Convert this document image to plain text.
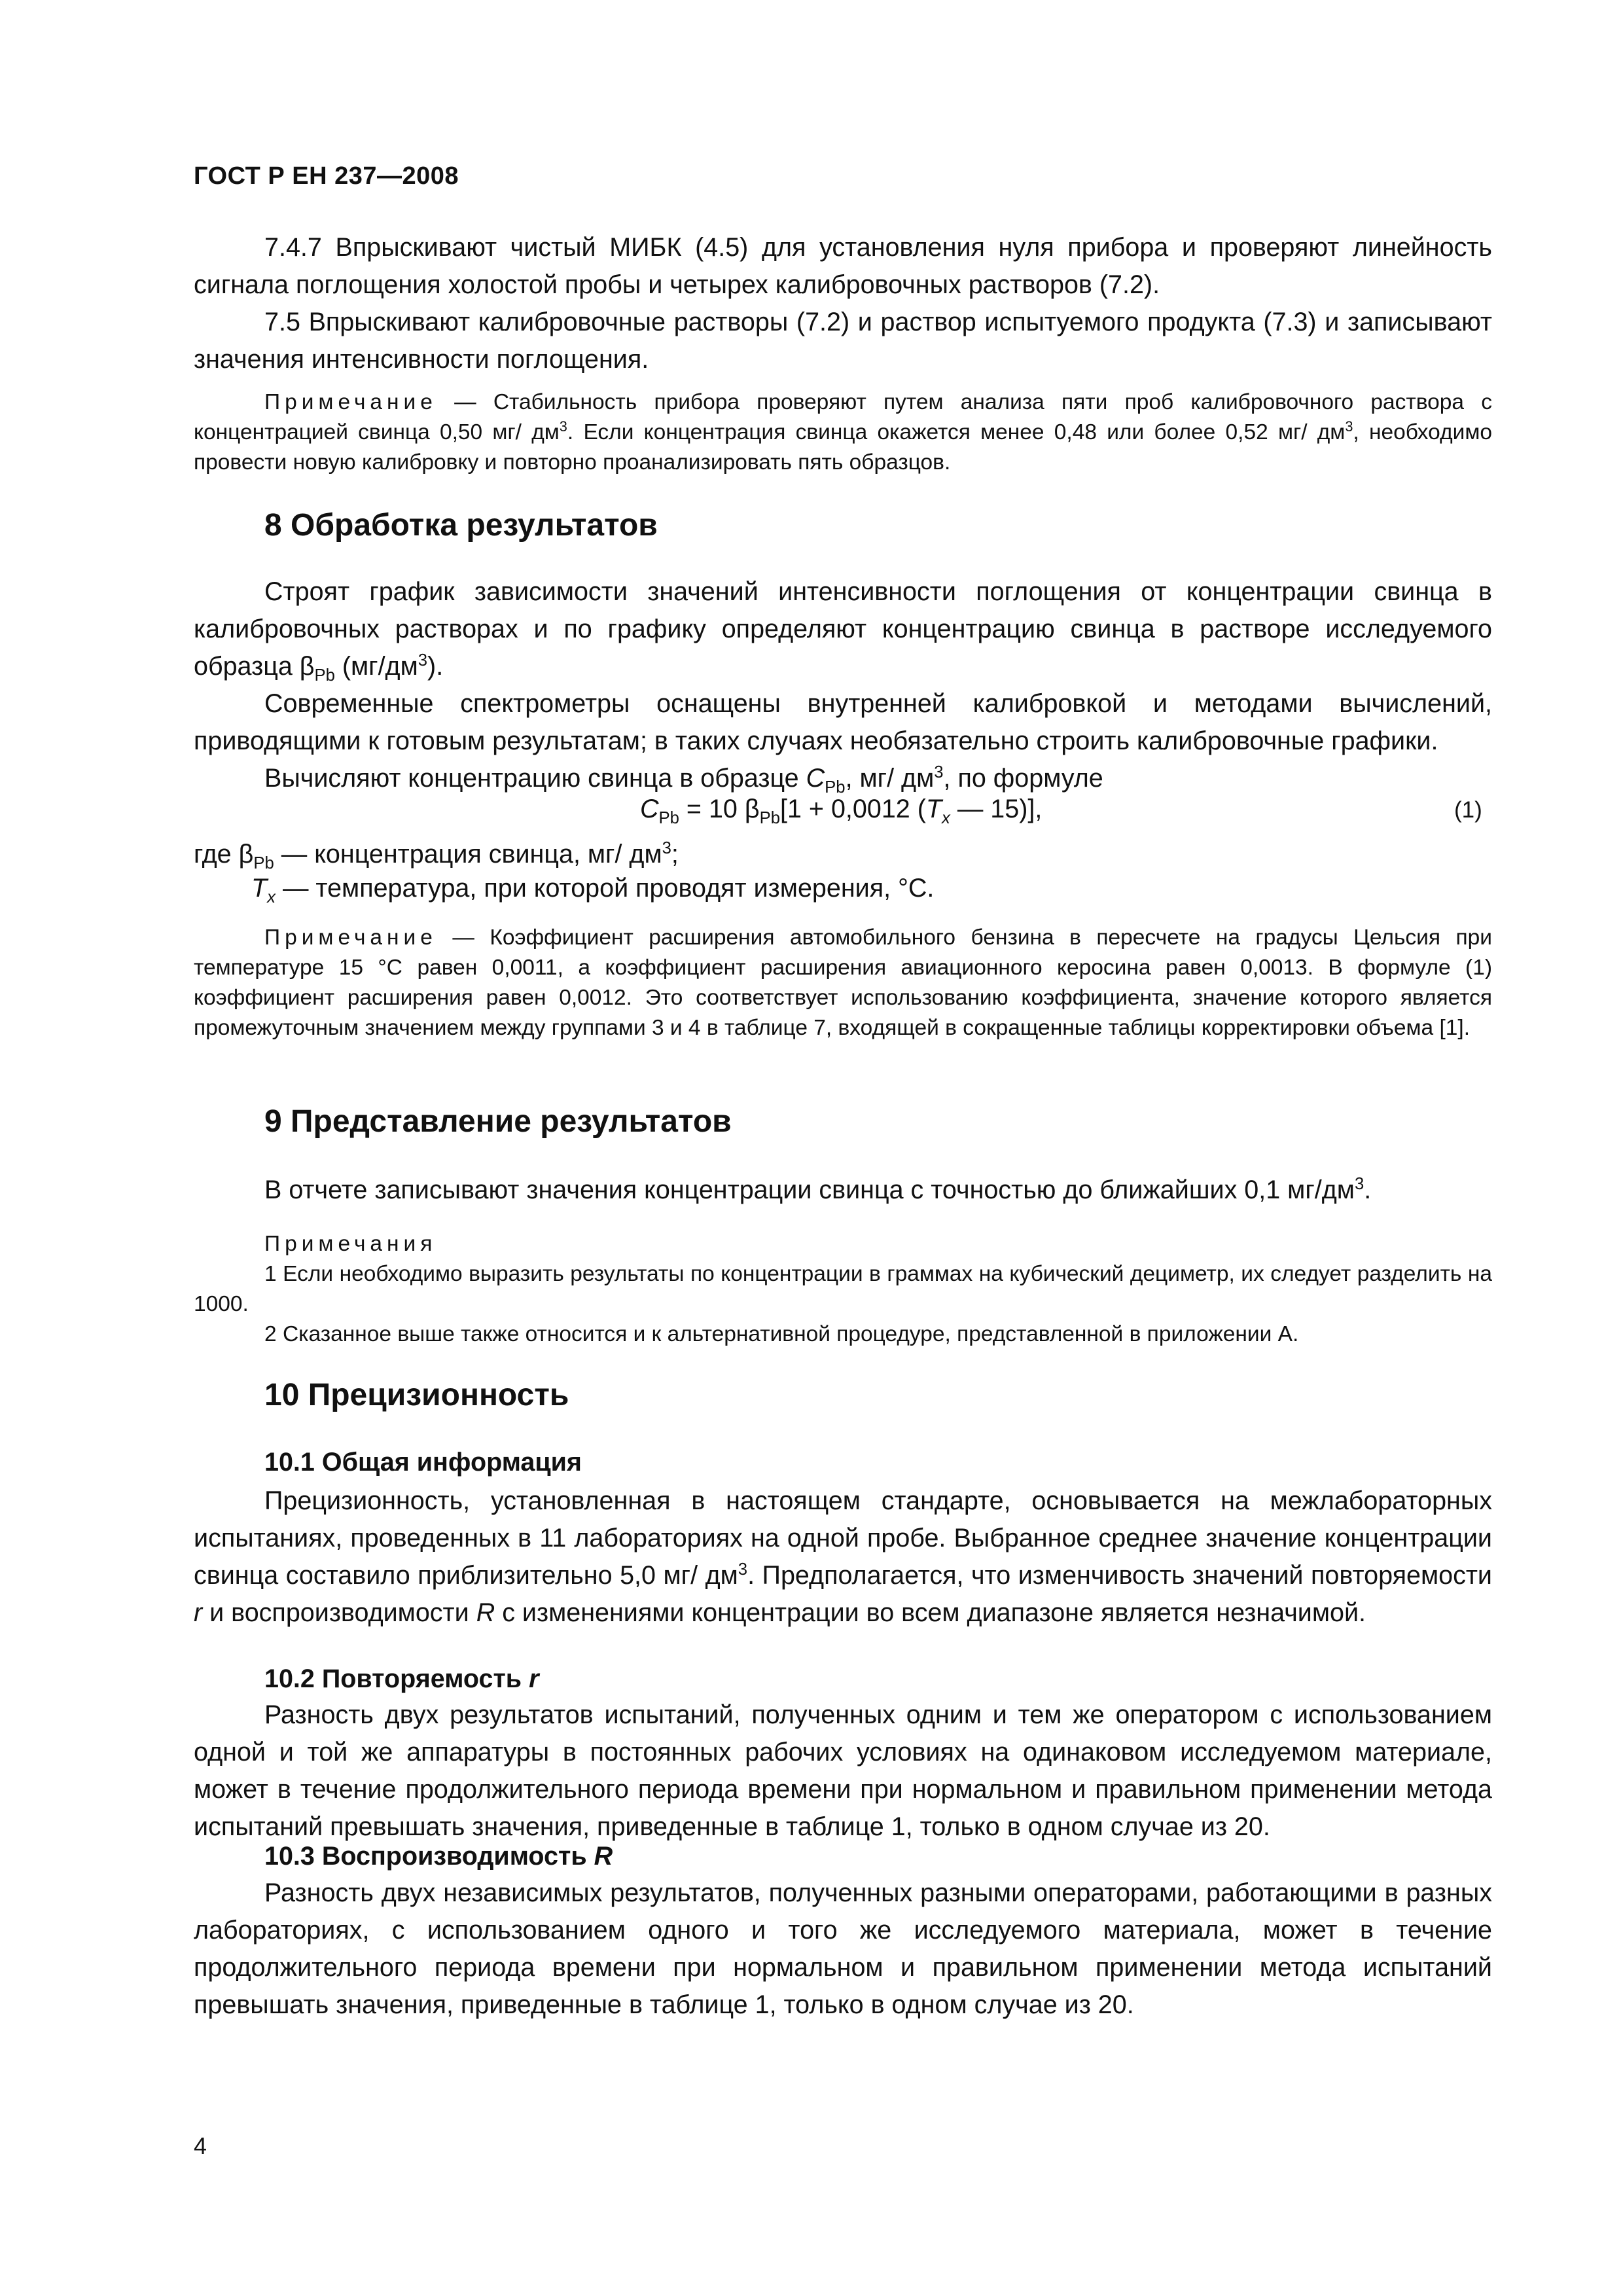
ГОСТ Р ЕН 237—2008

7.4.7 Впрыскивают чистый МИБК (4.5) для установления нуля прибора и проверяют линейность сигнала поглощения холостой пробы и четырех калибровочных растворов (7.2).

7.5 Впрыскивают калибровочные растворы (7.2) и раствор испытуемого продукта (7.3) и записывают значения интенсивности поглощения.

Примечание — Стабильность прибора проверяют путем анализа пяти проб калибровочного раствора с концентрацией свинца 0,50 мг/ $дм^3$. Если концентрация свинца окажется менее 0,48 или более 0,52 мг/ $дм^3$, необходимо провести новую калибровку и повторно проанализировать пять образцов.

8 Обработка результатов

Строят график зависимости значений интенсивности поглощения от концентрации свинца в калибровочных растворах и по графику определяют концентрацию свинца в растворе исследуемого образца $\beta_{Pb}$ $(мг/дм^3)$.

Современные спектрометры оснащены внутренней калибровкой и методами вычислений, приводящими к готовым результатам; в таких случаях необязательно строить калибровочные графики.

Вычисляют концентрацию свинца в образце $C_{Pb}$, мг/ $дм^3$, по формуле

$C_{Pb} = 10$ $\beta_{Pb}[1 + 0,0012$ ($T_x$ — 15)],	(1)
где $\beta_{Pb}$ — концентрация свинца, мг/ $дм^3$;
$T_x$ — температура, при которой проводят измерения, °С.

Примечание — Коэффициент расширения автомобильного бензина в пересчете на градусы Цельсия при температуре 15 °С равен 0,0011, а коэффициент расширения авиационного керосина равен 0,0013. В формуле (1) коэффициент расширения равен 0,0012. Это соответствует использованию коэффициента, значение которого является промежуточным значением между группами 3 и 4 в таблице 7, входящей в сокращенные таблицы корректировки объема [1].

9 Представление результатов

В отчете записывают значения концентрации свинца с точностью до ближайших 0,1 $мг/дм^3$.

Примечания

1 Если необходимо выразить результаты по концентрации в граммах на кубический дециметр, их следует разделить на 1000.

2 Сказанное выше также относится и к альтернативной процедуре, представленной в приложении А.

10 Прецизионность
10.1 Общая информация

Прецизионность, установленная в настоящем стандарте, основывается на межлабораторных испытаниях, проведенных в 11 лабораториях на одной пробе. Выбранное среднее значение концентрации свинца составило приблизительно 5,0 мг/ $дм^3$. Предполагается, что изменчивость значений повторяемости r и воспроизводимости R с изменениями концентрации во всем диапазоне является незначимой.

10.2 Повторяемость r

Разность двух результатов испытаний, полученных одним и тем же оператором с использованием одной и той же аппаратуры в постоянных рабочих условиях на одинаковом исследуемом материале, может в течение продолжительного периода времени при нормальном и правильном применении метода испытаний превышать значения, приведенные в таблице 1, только в одном случае из 20.

10.3 Воспроизводимость R

Разность двух независимых результатов, полученных разными операторами, работающими в разных лабораториях, с использованием одного и того же исследуемого материала, может в течение продолжительного периода времени при нормальном и правильном применении метода испытаний превышать значения, приведенные в таблице 1, только в одном случае из 20.

4
